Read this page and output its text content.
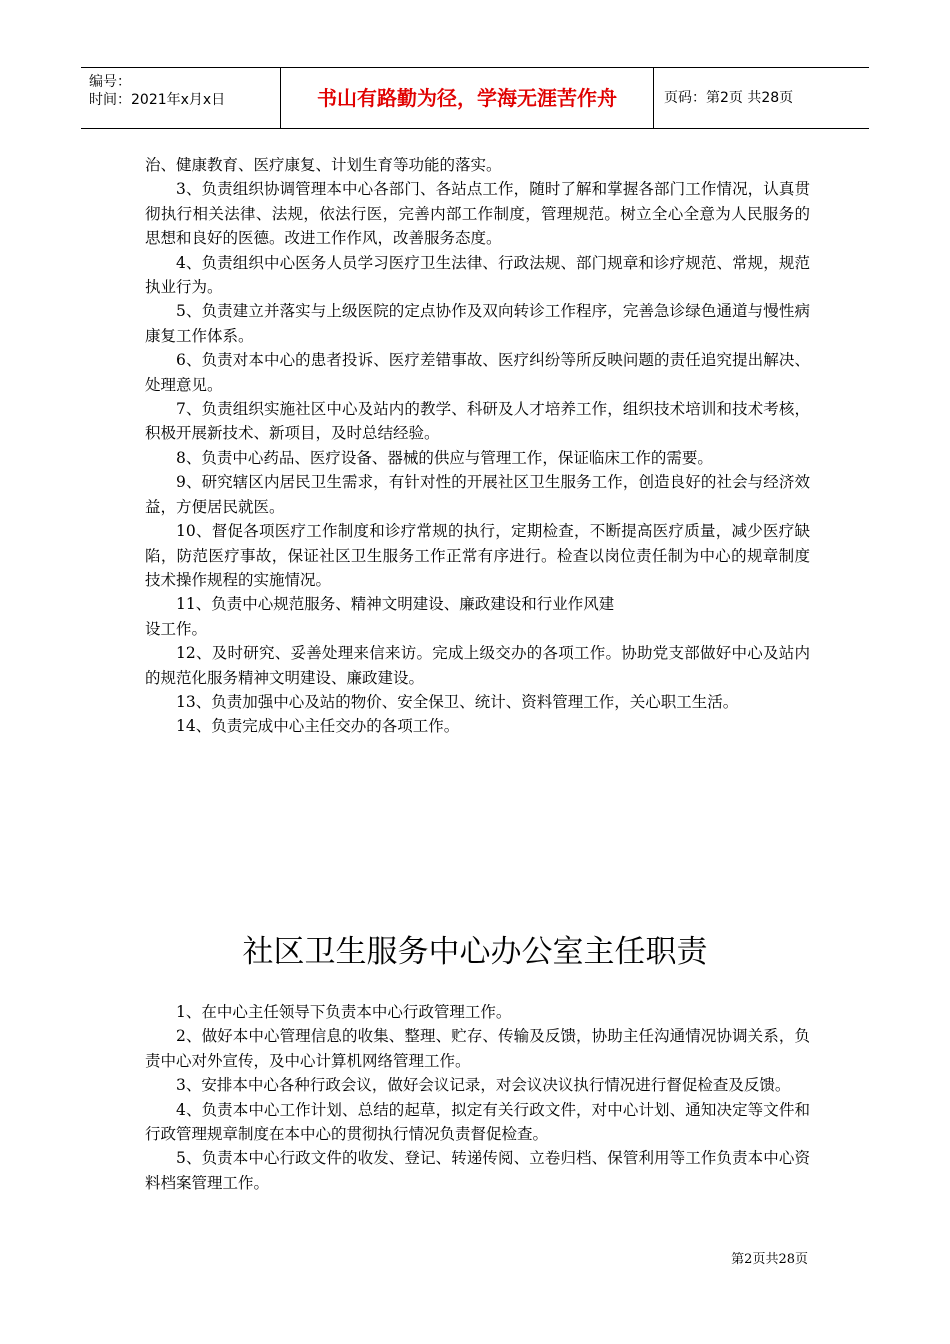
编号：
时间：2021年x月x日	书山有路勤为径，学海无涯苦作舟	页码：第2页 共28页

治、健康教育、医疗康复、计划生育等功能的落实。

3、负责组织协调管理本中心各部门、各站点工作，随时了解和掌握各部门工作情况，认真贯彻执行相关法律、法规，依法行医，完善内部工作制度，管理规范。树立全心全意为人民服务的思想和良好的医德。改进工作作风，改善服务态度。

4、负责组织中心医务人员学习医疗卫生法律、行政法规、部门规章和诊疗规范、常规，规范执业行为。

5、负责建立并落实与上级医院的定点协作及双向转诊工作程序，完善急诊绿色通道与慢性病康复工作体系。

6、负责对本中心的患者投诉、医疗差错事故、医疗纠纷等所反映问题的责任追究提出解决、处理意见。

7、负责组织实施社区中心及站内的教学、科研及人才培养工作，组织技术培训和技术考核，积极开展新技术、新项目，及时总结经验。

8、负责中心药品、医疗设备、器械的供应与管理工作，保证临床工作的需要。

9、研究辖区内居民卫生需求，有针对性的开展社区卫生服务工作，创造良好的社会与经济效益，方便居民就医。

10、督促各项医疗工作制度和诊疗常规的执行，定期检查，不断提高医疗质量，减少医疗缺陷，防范医疗事故，保证社区卫生服务工作正常有序进行。检查以岗位责任制为中心的规章制度技术操作规程的实施情况。

11、负责中心规范服务、精神文明建设、廉政建设和行业作风建

设工作。

12、及时研究、妥善处理来信来访。完成上级交办的各项工作。协助党支部做好中心及站内的规范化服务精神文明建设、廉政建设。

13、负责加强中心及站的物价、安全保卫、统计、资料管理工作，关心职工生活。

14、负责完成中心主任交办的各项工作。

社区卫生服务中心办公室主任职责

1、在中心主任领导下负责本中心行政管理工作。

2、做好本中心管理信息的收集、整理、贮存、传输及反馈，协助主任沟通情况协调关系，负责中心对外宣传，及中心计算机网络管理工作。

3、安排本中心各种行政会议，做好会议记录，对会议决议执行情况进行督促检查及反馈。

4、负责本中心工作计划、总结的起草，拟定有关行政文件，对中心计划、通知决定等文件和行政管理规章制度在本中心的贯彻执行情况负责督促检查。

5、负责本中心行政文件的收发、登记、转递传阅、立卷归档、保管利用等工作负责本中心资料档案管理工作。

第2页共28页
